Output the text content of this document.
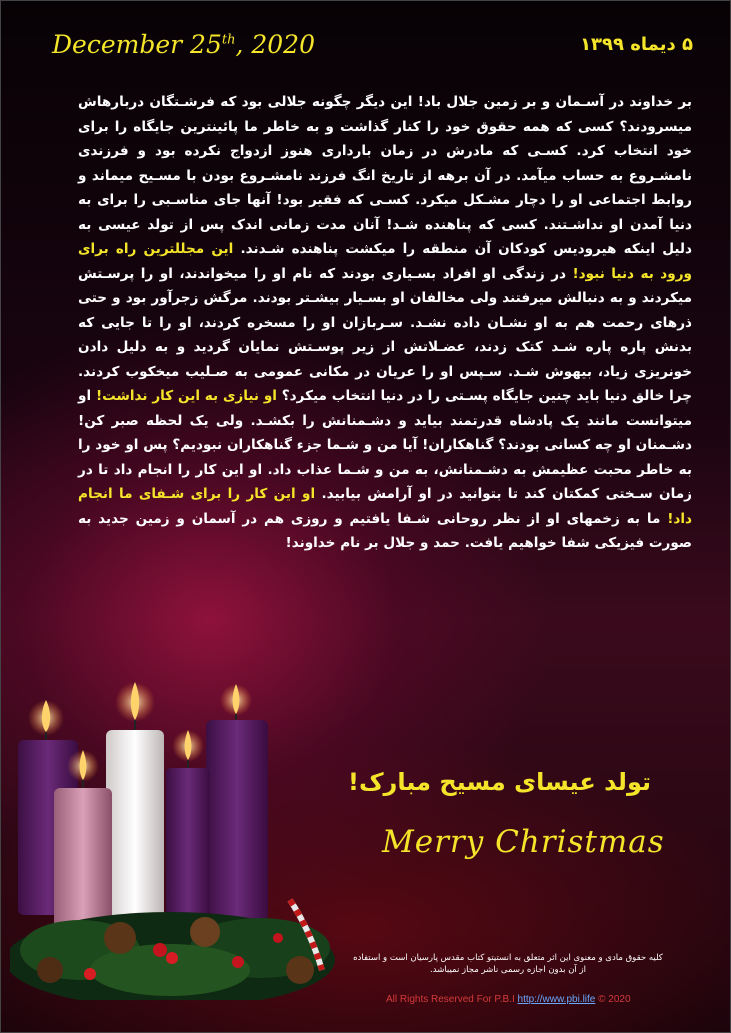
December 25th, 2020	۵ دیماه ۱۳۹۹
بر خداوند در آسـمان و بر زمین جلال باد! این دیگر چگونه جلالی بود که فرشـتگان دربارهاش میسرودند؟ کسی که همه حقوق خود را کنار گذاشت و به خاطر ما پائینترین جایگاه را برای خود انتخاب کرد. کسـی که مادرش در زمان بارداری هنوز ازدواج نکرده بود و فرزندی نامشـروع به حساب میآمد. در آن برهه از تاریخ انگ فرزند نامشـروع بودن با مسـیح میماند و روابط اجتماعی او را دچار مشـکل میکرد. کسـی که فقیر بود! آنها جای مناسـبی را برای به دنیا آمدن او نداشـتند. کسی که پناهنده شـد! آنان مدت زمانی اندک پس از تولد عیسی به دلیل اینکه هیرودیس کودکان آن منطقه را میکشت پناهنده شـدند. این مجللترین راه برای ورود به دنیا نبود! در زندگی او افراد بسـیاری بودند که نام او را میخواندند، او را پرسـتش میکردند و به دنبالش میرفتند ولی مخالفان او بسـیار بیشـتر بودند. مرگش زجرآور بود و حتی ذرهای رحمت هم به او نشـان داده نشـد. سـربازان او را مسخره کردند، او را تا جایی که بدنش پاره پاره شـد کتک زدند، عضـلاتش از زیر پوسـتش نمایان گردید و به دلیل دادن خونریزی زیاد، بیهوش شـد. سـپس او را عریان در مکانی عمومی به صـلیب میخکوب کردند. چرا خالق دنیا باید چنین جایگاه پسـتی را در دنیا انتخاب میکرد؟ او نیازی به این کار نداشت! او میتوانست مانند یک پادشاه قدرتمند بیاید و دشـمنانش را بکشـد. ولی یک لحظه صبر کن! دشـمنان او چه کسانی بودند؟ گناهکاران! آیا من و شـما جزء گناهکاران نبودیم؟ پس او خود را به خاطر محبت عظیمش به دشـمنانش، به من و شـما عذاب داد. او این کار را انجام داد تا در زمان سـختی کمکتان کند تا بتوانید در او آرامش بیابید. او این کار را برای شـفای ما انجام داد! ما به زخمهای او از نظر روحانی شـفا یافتیم و روزی هم در آسمان و زمین جدید به صورت فیزیکی شفا خواهیم یافت. حمد و جلال بر نام خداوند!
تولد عیسای مسیح مبارک!
Merry Christmas
کلیه حقوق مادی و معنوی این اثر متعلق به انستیتو کتاب مقدس پارسیان است و استفاده از آن بدون اجازه رسمی ناشر مجاز نمیباشد.
All Rights Reserved For P.B.I http://www.pbi.life © 2020
